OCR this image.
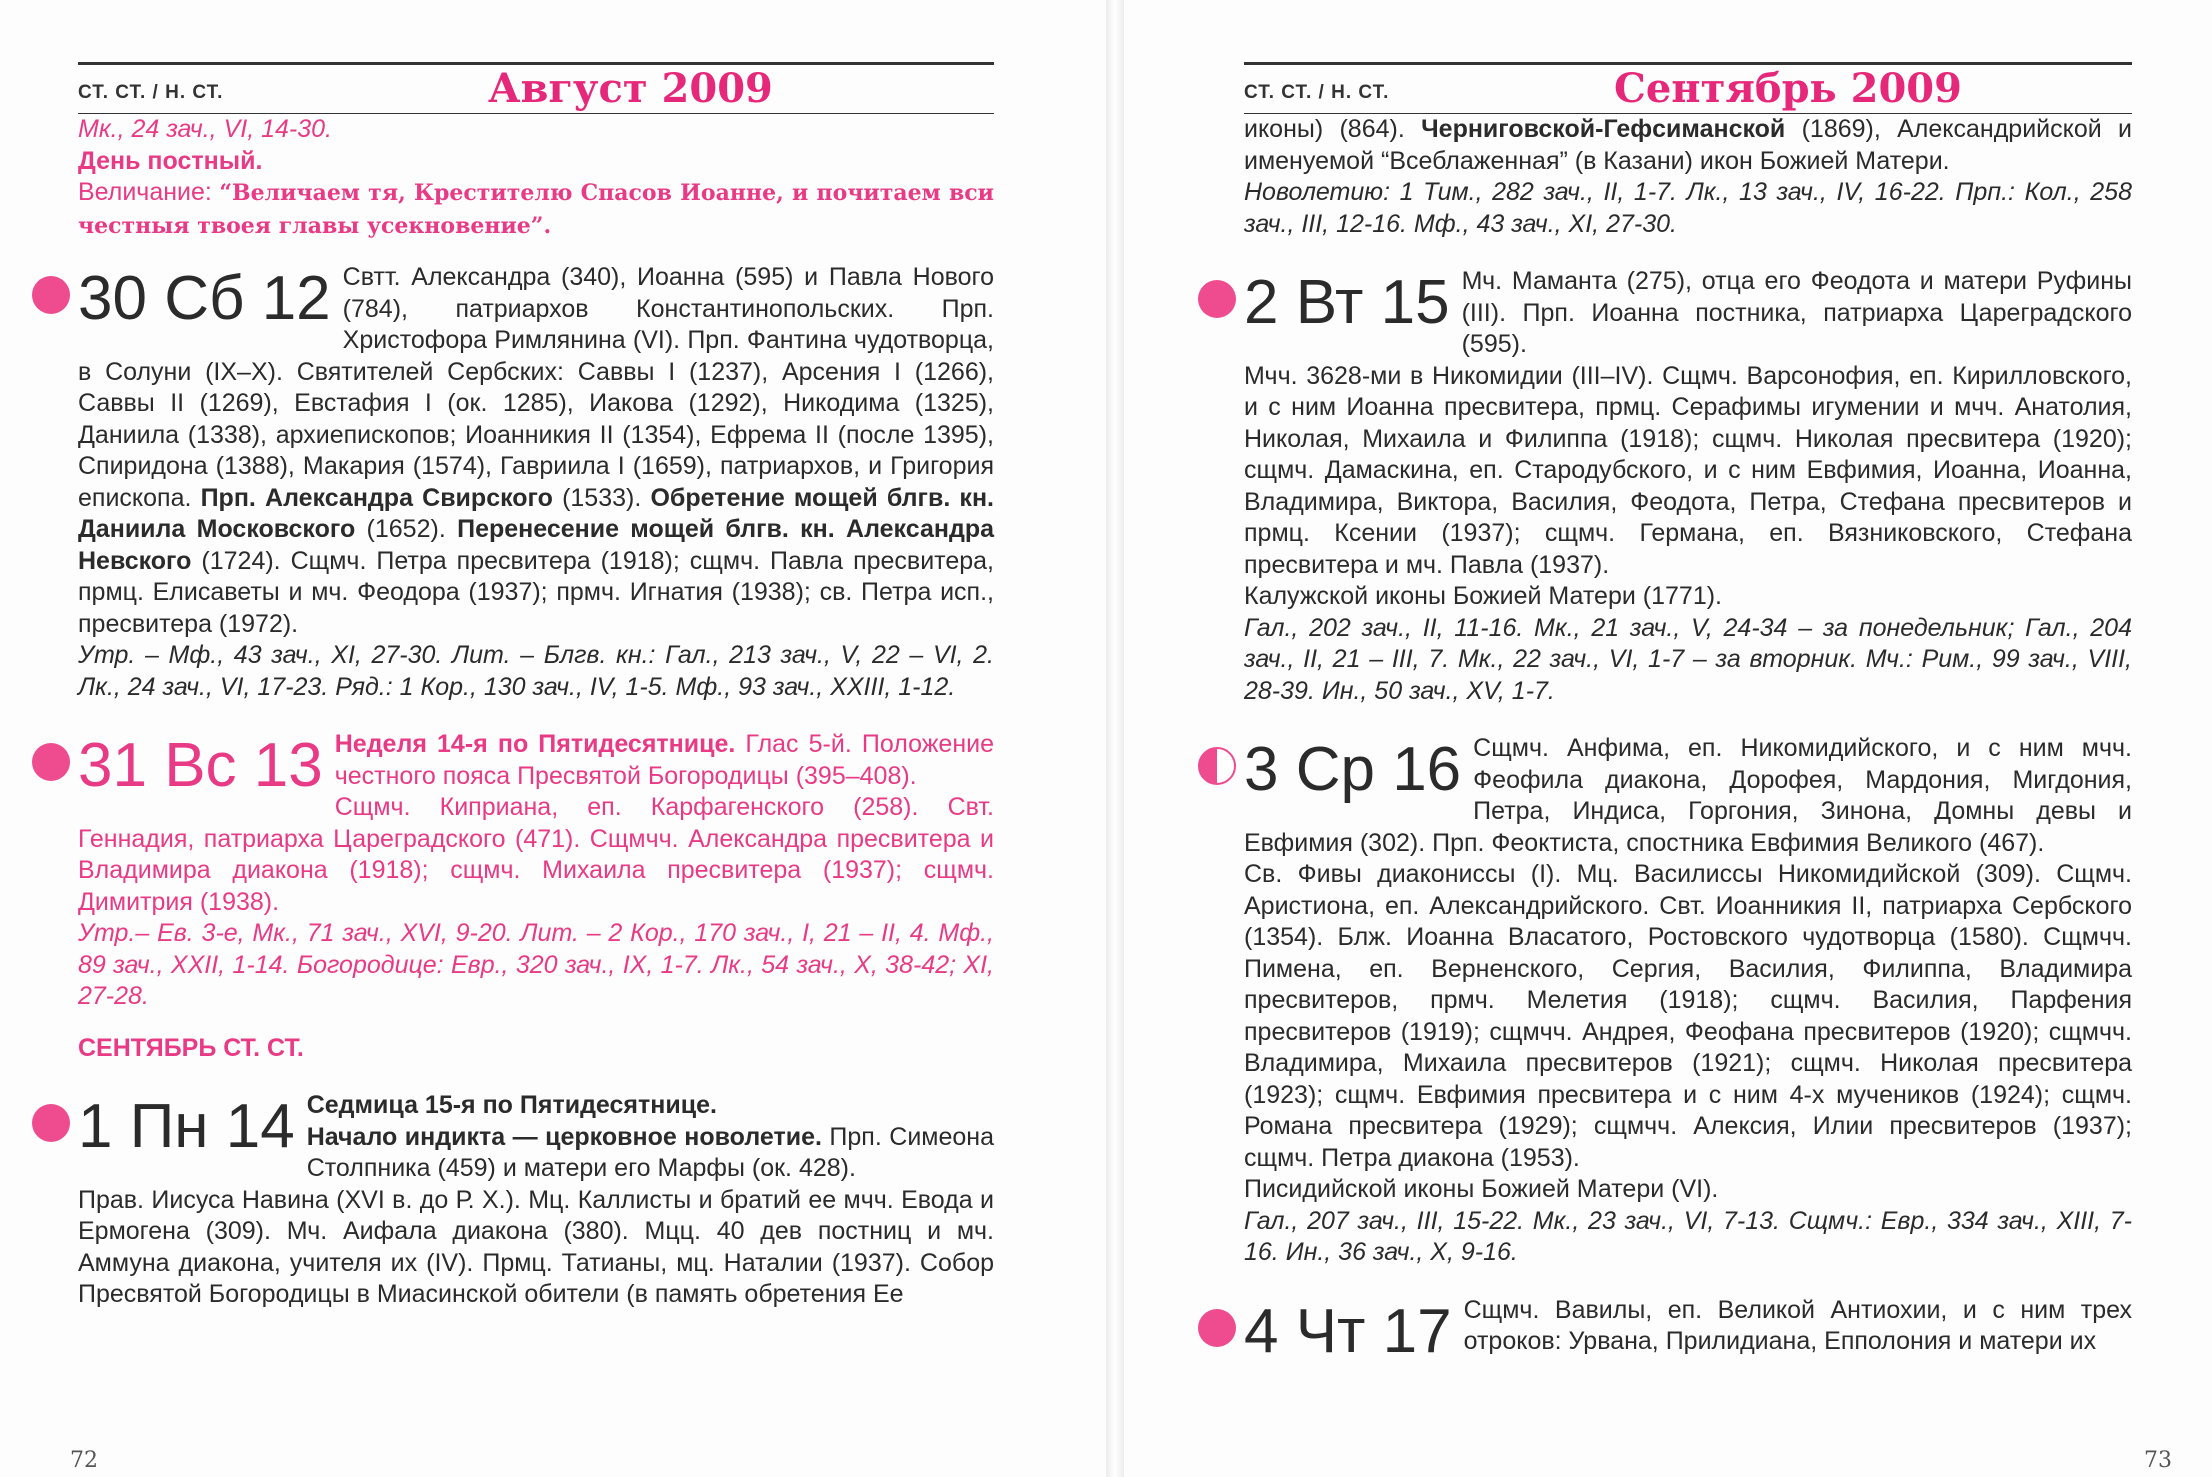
СТ. СТ. / Н. СТ.	Август 2009

Мк., 24 зач., VI, 14-30.

День постный.

Величание: “Величаем тя, Крестителю Спасов Иоанне, и почитаем вси честныя твоея главы усекновение”.

30 Сб 12 Свтт. Александра (340), Иоанна (595) и Павла Нового (784), патриархов Константинопольских. Прп. Христофора Римлянина (VI). Прп. Фантина чудотворца, в Солуни (IX–X). Святителей Сербских: Саввы I (1237), Арсения I (1266), Саввы II (1269), Евстафия I (ок. 1285), Иакова (1292), Никодима (1325), Даниила (1338), архиепископов; Иоанникия II (1354), Ефрема II (после 1395), Спиридона (1388), Макария (1574), Гавриила I (1659), патриархов, и Григория епископа. Прп. Александра Свирского (1533). Обретение мощей блгв. кн. Даниила Московского (1652). Перенесение мощей блгв. кн. Александра Невского (1724). Сщмч. Петра пресвитера (1918); сщмч. Павла пресвитера, прмц. Елисаветы и мч. Феодора (1937); прмч. Игнатия (1938); св. Петра исп., пресвитера (1972).

Утр. – Мф., 43 зач., XI, 27-30. Лит. – Блгв. кн.: Гал., 213 зач., V, 22 – VI, 2. Лк., 24 зач., VI, 17-23. Ряд.: 1 Кор., 130 зач., IV, 1-5. Мф., 93 зач., XXIII, 1-12.

31 Вс 13 Неделя 14-я по Пятидесятнице. Глас 5-й. Положение честного пояса Пресвятой Богородицы (395–408).

Сщмч. Киприана, еп. Карфагенского (258). Свт. Геннадия, патриарха Цареградского (471). Сщмчч. Александра пресвитера и Владимира диакона (1918); сщмч. Михаила пресвитера (1937); сщмч. Димитрия (1938).

Утр.– Ев. 3-е, Мк., 71 зач., XVI, 9-20. Лит. – 2 Кор., 170 зач., I, 21 – II, 4. Мф., 89 зач., XXII, 1-14. Богородице: Евр., 320 зач., IX, 1-7. Лк., 54 зач., X, 38-42; XI, 27-28.

СЕНТЯБРЬ СТ. СТ.
1 Пн 14 Седмица 15-я по Пятидесятнице.
Начало индикта — церковное новолетие. Прп. Симеона Столпника (459) и матери его Марфы (ок. 428).

Прав. Иисуса Навина (XVI в. до Р. Х.). Мц. Каллисты и братий ее мчч. Евода и Ермогена (309). Мч. Аифала диакона (380). Мцц. 40 дев постниц и мч. Аммуна диакона, учителя их (IV). Прмц. Татианы, мц. Наталии (1937). Собор Пресвятой Богородицы в Миасинской обители (в память обретения Ее

72
СТ. СТ. / Н. СТ.	Сентябрь 2009

иконы) (864). Черниговской-Гефсиманской (1869), Александрийской и именуемой “Всеблаженная” (в Казани) икон Божией Матери.

Новолетию: 1 Тим., 282 зач., II, 1-7. Лк., 13 зач., IV, 16-22. Прп.: Кол., 258 зач., III, 12-16. Мф., 43 зач., XI, 27-30.

2 Вт 15 Мч. Маманта (275), отца его Феодота и матери Руфины (III). Прп. Иоанна постника, патриарха Цареградского (595).

Мчч. 3628-ми в Никомидии (III–IV). Сщмч. Варсонофия, еп. Кирилловского, и с ним Иоанна пресвитера, прмц. Серафимы игумении и мчч. Анатолия, Николая, Михаила и Филиппа (1918); сщмч. Николая пресвитера (1920); сщмч. Дамаскина, еп. Стародубского, и с ним Евфимия, Иоанна, Иоанна, Владимира, Виктора, Василия, Феодота, Петра, Стефана пресвитеров и прмц. Ксении (1937); сщмч. Германа, еп. Вязниковского, Стефана пресвитера и мч. Павла (1937).

Калужской иконы Божией Матери (1771).

Гал., 202 зач., II, 11-16. Мк., 21 зач., V, 24-34 – за понедельник; Гал., 204 зач., II, 21 – III, 7. Мк., 22 зач., VI, 1-7 – за вторник. Мч.: Рим., 99 зач., VIII, 28-39. Ин., 50 зач., XV, 1-7.

3 Ср 16 Сщмч. Анфима, еп. Никомидийского, и с ним мчч. Феофила диакона, Дорофея, Мардония, Мигдония, Петра, Индиса, Горгония, Зинона, Домны девы и Евфимия (302). Прп. Феоктиста, спостника Евфимия Великого (467).

Св. Фивы диакониссы (I). Мц. Василиссы Никомидийской (309). Сщмч. Аристиона, еп. Александрийского. Свт. Иоанникия II, патриарха Сербского (1354). Блж. Иоанна Власатого, Ростовского чудотворца (1580). Сщмчч. Пимена, еп. Верненского, Сергия, Василия, Филиппа, Владимира пресвитеров, прмч. Мелетия (1918); сщмч. Василия, Парфения пресвитеров (1919); сщмчч. Андрея, Феофана пресвитеров (1920); сщмчч. Владимира, Михаила пресвитеров (1921); сщмч. Николая пресвитера (1923); сщмч. Евфимия пресвитера и с ним 4-х мучеников (1924); сщмч. Романа пресвитера (1929); сщмчч. Алексия, Илии пресвитеров (1937); сщмч. Петра диакона (1953).

Писидийской иконы Божией Матери (VI).

Гал., 207 зач., III, 15-22. Мк., 23 зач., VI, 7-13. Сщмч.: Евр., 334 зач., XIII, 7-16. Ин., 36 зач., X, 9-16.

4 Чт 17 Сщмч. Вавилы, еп. Великой Антиохии, и с ним трех отроков: Урвана, Прилидиана, Епполония и матери их

73
